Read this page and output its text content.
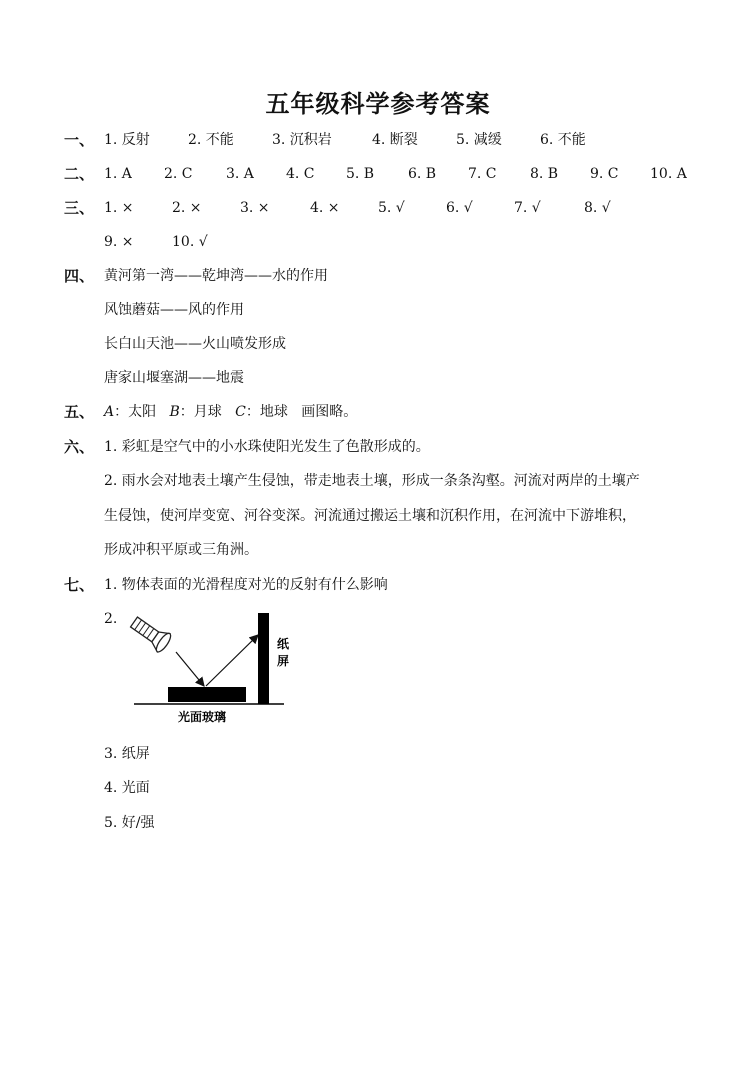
五年级科学参考答案
一、 1. 反射	2. 不能	3. 沉积岩	4. 断裂	5. 减缓	6. 不能
二、 1. A 2. C 3. A 4. C 5. B 6. B 7. C 8. B 9. C 10. A
三、 1. ×	2. ×	3. ×	4. ×	5. √	6. √	7. √	8. √
9. ×	10. √
四、 黄河第一湾——乾坤湾——水的作用
风蚀蘑菇——风的作用
长白山天池——火山喷发形成
唐家山堰塞湖——地震
五、 A：太阳 B：月球 C：地球 画图略。
六、 1. 彩虹是空气中的小水珠使阳光发生了色散形成的。
2. 雨水会对地表土壤产生侵蚀，带走地表土壤，形成一条条沟壑。河流对两岸的土壤产
生侵蚀，使河岸变宽、河谷变深。河流通过搬运土壤和沉积作用，在河流中下游堆积，
形成冲积平原或三角洲。
七、 1. 物体表面的光滑程度对光的反射有什么影响
2.
纸
屏
光面玻璃
3. 纸屏
4. 光面
5. 好/强
